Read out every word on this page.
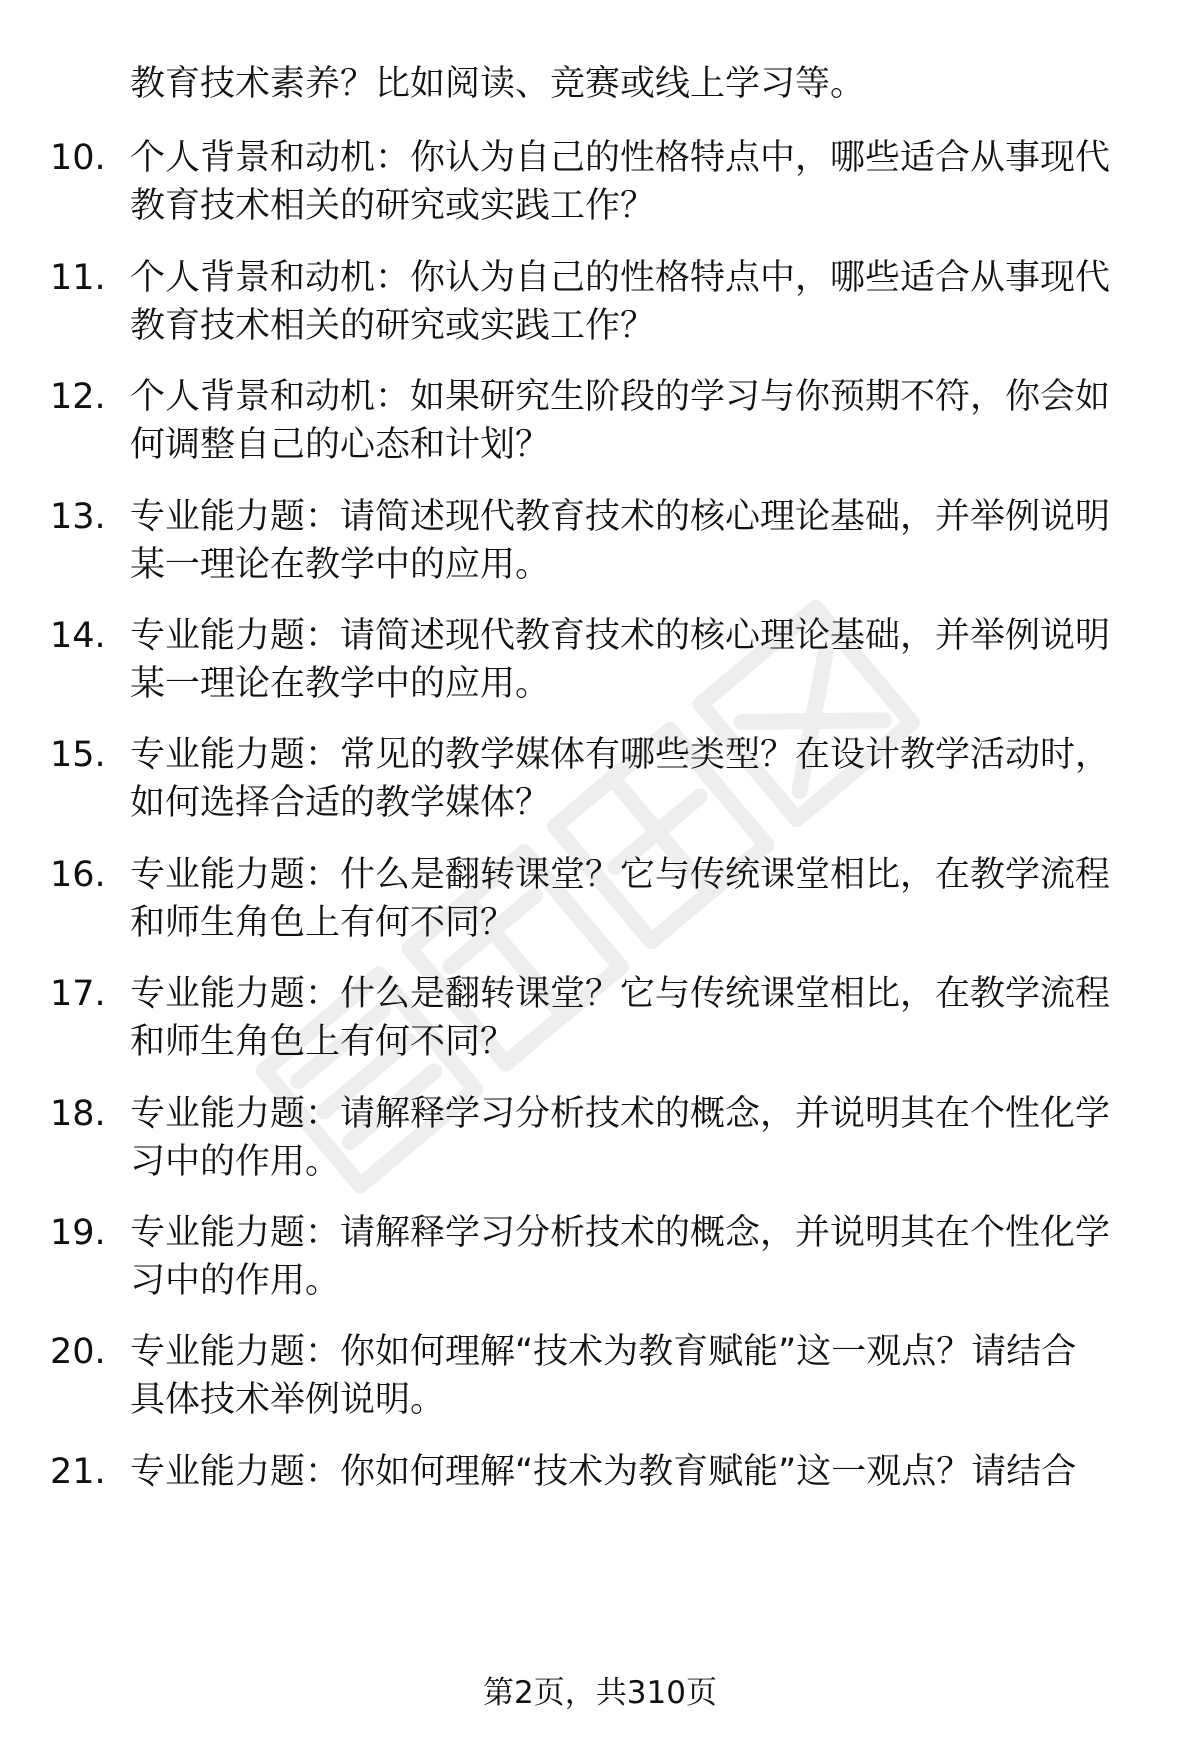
教育技术素养？比如阅读、竞赛或线上学习等。
10. 个人背景和动机：你认为自己的性格特点中，哪些适合从事现代
教育技术相关的研究或实践工作？
11. 个人背景和动机：你认为自己的性格特点中，哪些适合从事现代
教育技术相关的研究或实践工作？
12. 个人背景和动机：如果研究生阶段的学习与你预期不符，你会如
何调整自己的心态和计划？
13. 专业能力题：请简述现代教育技术的核心理论基础，并举例说明
某一理论在教学中的应用。
14. 专业能力题：请简述现代教育技术的核心理论基础，并举例说明
某一理论在教学中的应用。
15. 专业能力题：常见的教学媒体有哪些类型？在设计教学活动时，
如何选择合适的教学媒体？
16. 专业能力题：什么是翻转课堂？它与传统课堂相比，在教学流程
和师生角色上有何不同？
17. 专业能力题：什么是翻转课堂？它与传统课堂相比，在教学流程
和师生角色上有何不同？
18. 专业能力题：请解释学习分析技术的概念，并说明其在个性化学
习中的作用。
19. 专业能力题：请解释学习分析技术的概念，并说明其在个性化学
习中的作用。
20. 专业能力题：你如何理解“技术为教育赋能”这一观点？请结合
具体技术举例说明。
21. 专业能力题：你如何理解“技术为教育赋能”这一观点？请结合
第2页，共310页
